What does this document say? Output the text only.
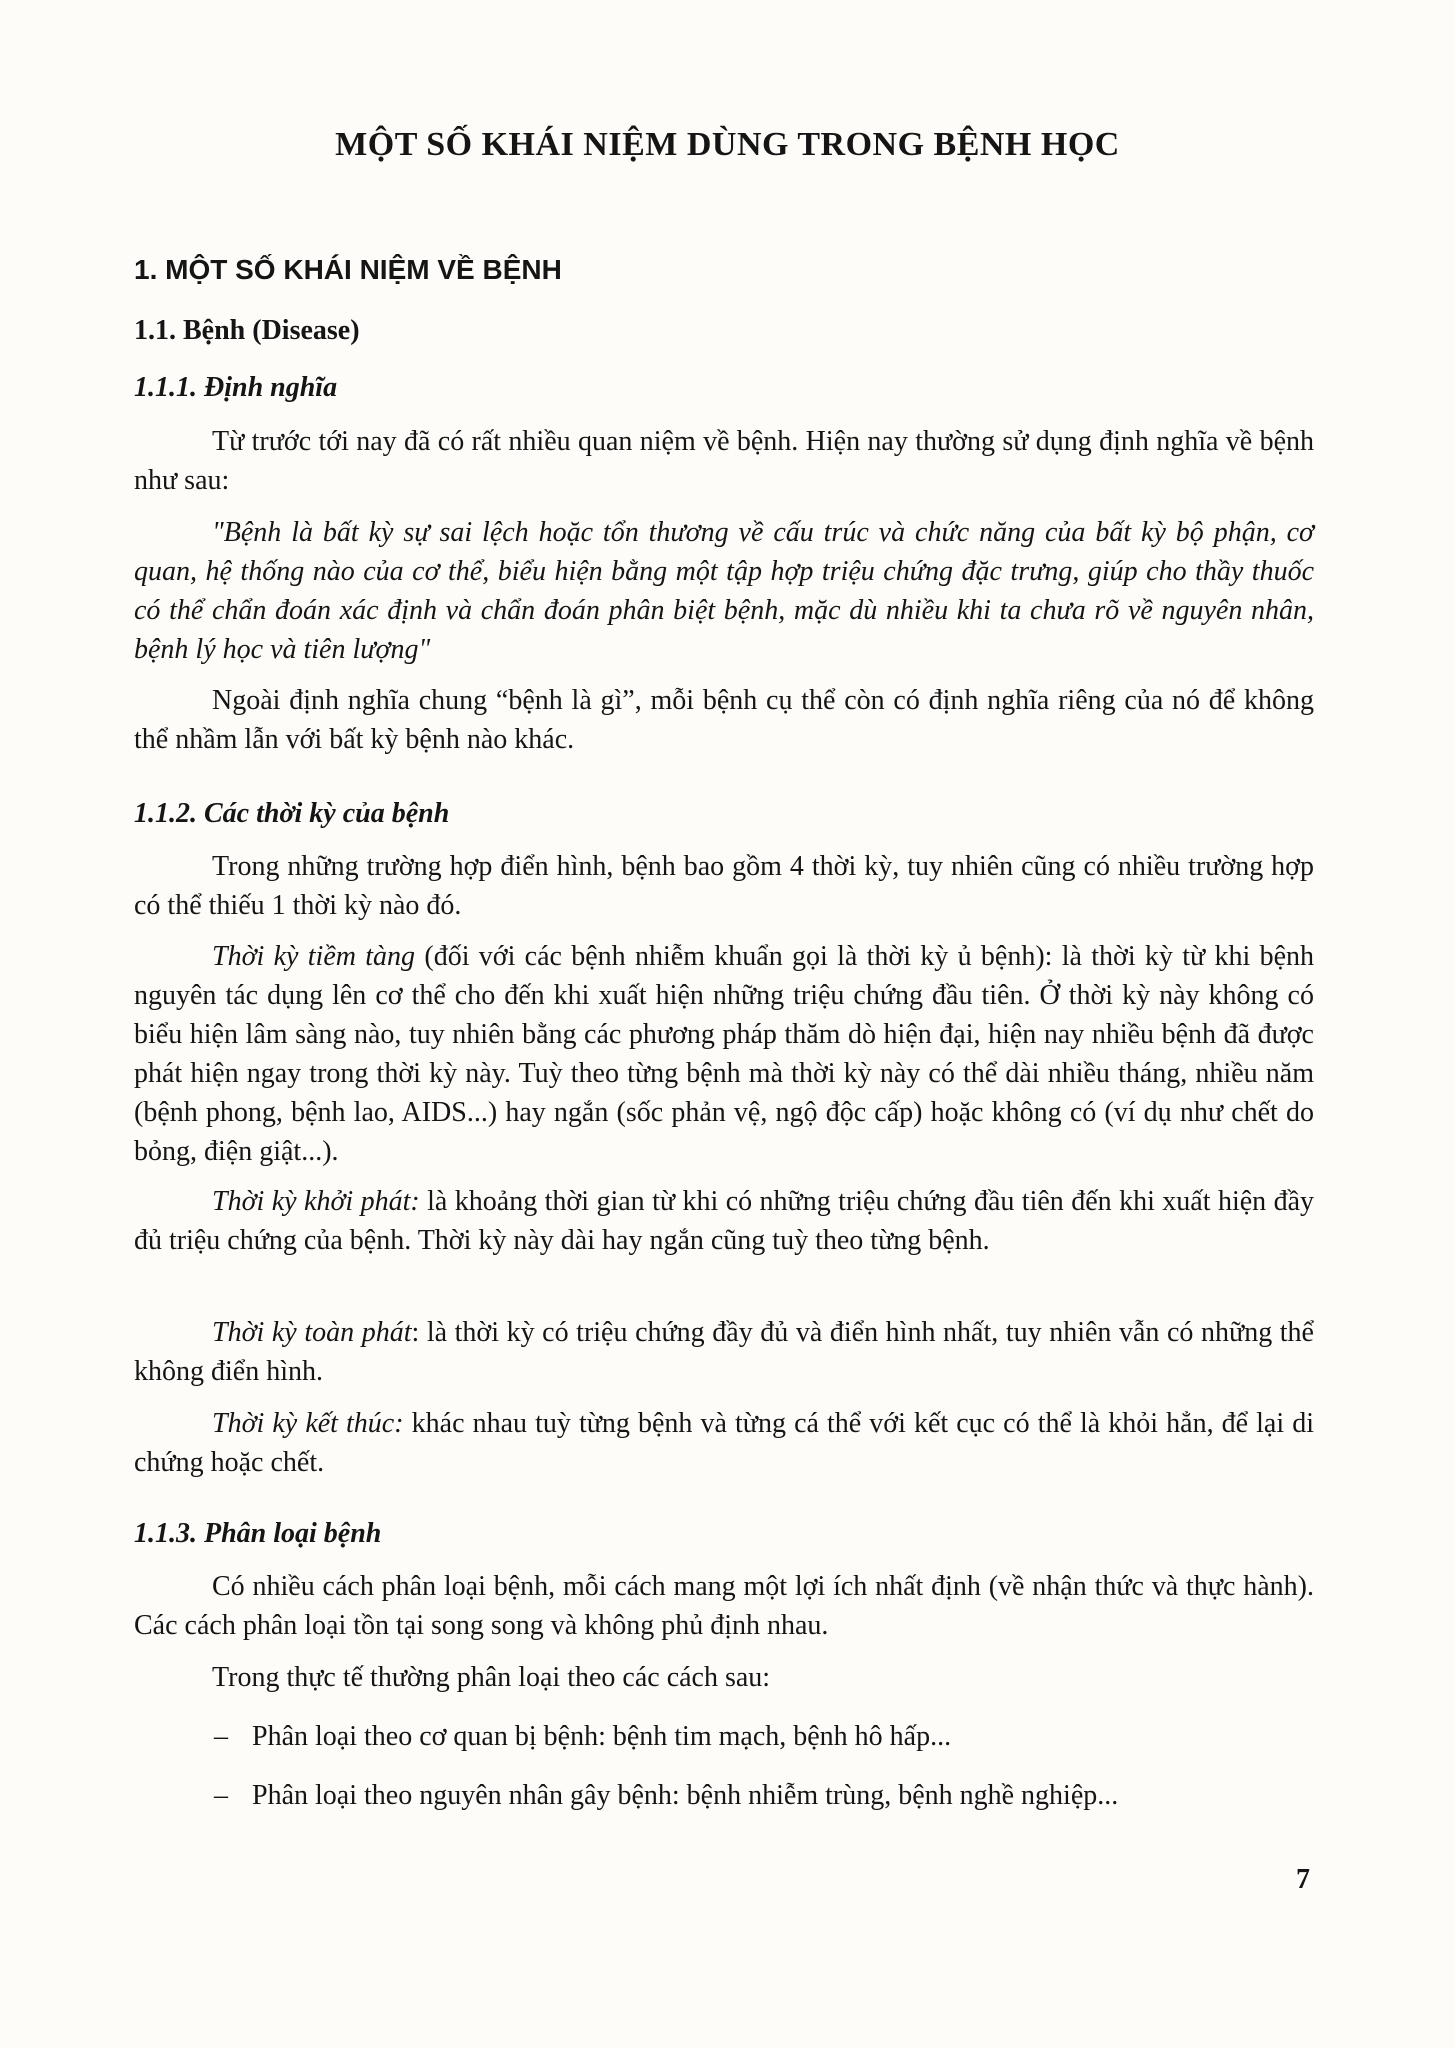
MỘT SỐ KHÁI NIỆM DÙNG TRONG BỆNH HỌC
1. MỘT SỐ KHÁI NIỆM VỀ BỆNH
1.1. Bệnh (Disease)
1.1.1. Định nghĩa

Từ trước tới nay đã có rất nhiều quan niệm về bệnh. Hiện nay thường sử dụng định nghĩa về bệnh như sau:

"Bệnh là bất kỳ sự sai lệch hoặc tổn thương về cấu trúc và chức năng của bất kỳ bộ phận, cơ quan, hệ thống nào của cơ thể, biểu hiện bằng một tập hợp triệu chứng đặc trưng, giúp cho thầy thuốc có thể chẩn đoán xác định và chẩn đoán phân biệt bệnh, mặc dù nhiều khi ta chưa rõ về nguyên nhân, bệnh lý học và tiên lượng"

Ngoài định nghĩa chung “bệnh là gì”, mỗi bệnh cụ thể còn có định nghĩa riêng của nó để không thể nhầm lẫn với bất kỳ bệnh nào khác.

1.1.2. Các thời kỳ của bệnh

Trong những trường hợp điển hình, bệnh bao gồm 4 thời kỳ, tuy nhiên cũng có nhiều trường hợp có thể thiếu 1 thời kỳ nào đó.

Thời kỳ tiềm tàng (đối với các bệnh nhiễm khuẩn gọi là thời kỳ ủ bệnh): là thời kỳ từ khi bệnh nguyên tác dụng lên cơ thể cho đến khi xuất hiện những triệu chứng đầu tiên. Ở thời kỳ này không có biểu hiện lâm sàng nào, tuy nhiên bằng các phương pháp thăm dò hiện đại, hiện nay nhiều bệnh đã được phát hiện ngay trong thời kỳ này. Tuỳ theo từng bệnh mà thời kỳ này có thể dài nhiều tháng, nhiều năm (bệnh phong, bệnh lao, AIDS...) hay ngắn (sốc phản vệ, ngộ độc cấp) hoặc không có (ví dụ như chết do bỏng, điện giật...).

Thời kỳ khởi phát: là khoảng thời gian từ khi có những triệu chứng đầu tiên đến khi xuất hiện đầy đủ triệu chứng của bệnh. Thời kỳ này dài hay ngắn cũng tuỳ theo từng bệnh.

Thời kỳ toàn phát: là thời kỳ có triệu chứng đầy đủ và điển hình nhất, tuy nhiên vẫn có những thể không điển hình.

Thời kỳ kết thúc: khác nhau tuỳ từng bệnh và từng cá thể với kết cục có thể là khỏi hẳn, để lại di chứng hoặc chết.

1.1.3. Phân loại bệnh

Có nhiều cách phân loại bệnh, mỗi cách mang một lợi ích nhất định (về nhận thức và thực hành). Các cách phân loại tồn tại song song và không phủ định nhau.

Trong thực tế thường phân loại theo các cách sau:

– Phân loại theo cơ quan bị bệnh: bệnh tim mạch, bệnh hô hấp...
– Phân loại theo nguyên nhân gây bệnh: bệnh nhiễm trùng, bệnh nghề nghiệp...
7
